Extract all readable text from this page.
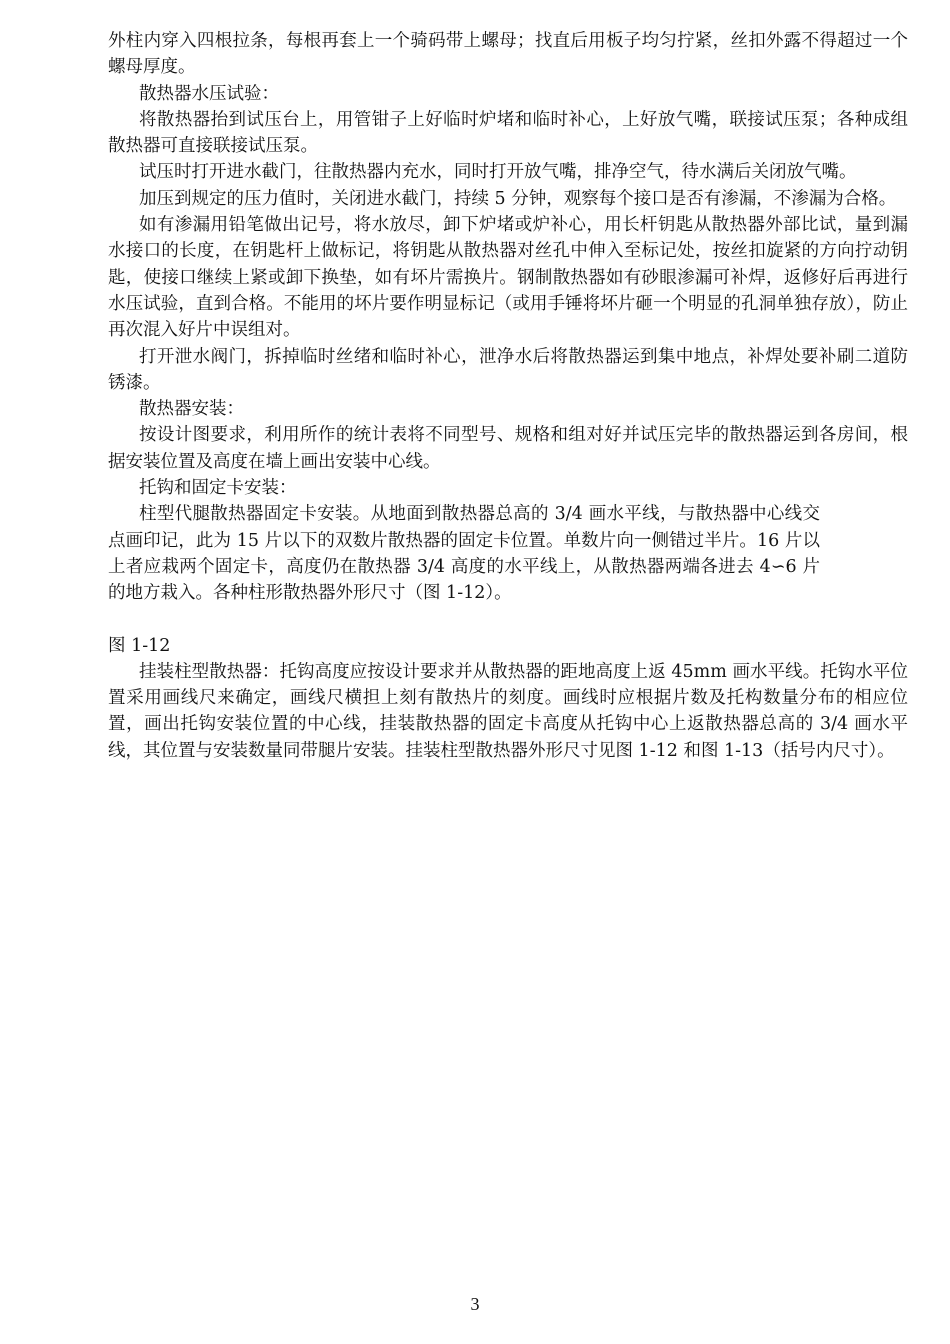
外柱内穿入四根拉条，每根再套上一个骑码带上螺母；找直后用板子均匀拧紧，丝扣外露不得超过一个螺母厚度。

散热器水压试验：

将散热器抬到试压台上，用管钳子上好临时炉堵和临时补心，上好放气嘴，联接试压泵；各种成组散热器可直接联接试压泵。

试压时打开进水截门，往散热器内充水，同时打开放气嘴，排净空气，待水满后关闭放气嘴。

加压到规定的压力值时，关闭进水截门，持续 5 分钟，观察每个接口是否有渗漏，不渗漏为合格。

如有渗漏用铅笔做出记号，将水放尽，卸下炉堵或炉补心，用长杆钥匙从散热器外部比试，量到漏水接口的长度，在钥匙杆上做标记，将钥匙从散热器对丝孔中伸入至标记处，按丝扣旋紧的方向拧动钥匙，使接口继续上紧或卸下换垫，如有坏片需换片。钢制散热器如有砂眼渗漏可补焊，返修好后再进行水压试验，直到合格。不能用的坏片要作明显标记（或用手锤将坏片砸一个明显的孔洞单独存放），防止再次混入好片中误组对。

打开泄水阀门，拆掉临时丝绪和临时补心，泄净水后将散热器运到集中地点，补焊处要补刷二道防锈漆。

散热器安装：

按设计图要求，利用所作的统计表将不同型号、规格和组对好并试压完毕的散热器运到各房间，根据安装位置及高度在墙上画出安装中心线。

托钩和固定卡安装：

柱型代腿散热器固定卡安装。从地面到散热器总高的 3/4 画水平线，与散热器中心线交点画印记，此为 15 片以下的双数片散热器的固定卡位置。单数片向一侧错过半片。16 片以上者应栽两个固定卡，高度仍在散热器 3/4 高度的水平线上，从散热器两端各进去 4∽6 片的地方栽入。各种柱形散热器外形尺寸（图 1-12）。

图 1-12

挂装柱型散热器：托钩高度应按设计要求并从散热器的距地高度上返 45mm 画水平线。托钩水平位置采用画线尺来确定，画线尺横担上刻有散热片的刻度。画线时应根据片数及托构数量分布的相应位置，画出托钩安装位置的中心线，挂装散热器的固定卡高度从托钩中心上返散热器总高的 3/4 画水平线，其位置与安装数量同带腿片安装。挂装柱型散热器外形尺寸见图 1-12 和图 1-13（括号内尺寸）。

3
